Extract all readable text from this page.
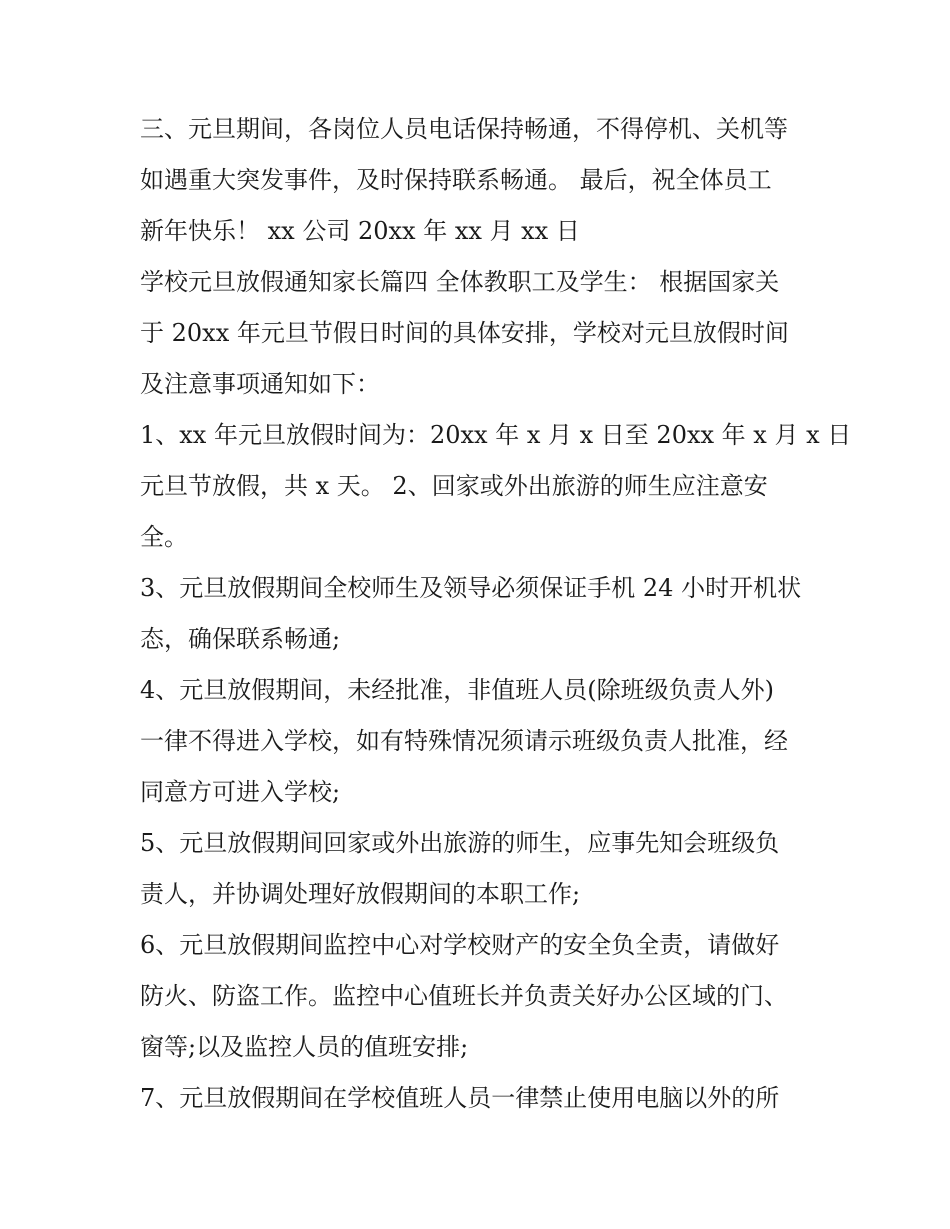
三、元旦期间，各岗位人员电话保持畅通，不得停机、关机等
如遇重大突发事件，及时保持联系畅通。 最后，祝全体员工
新年快乐！ xx 公司 20xx 年 xx 月 xx 日
学校元旦放假通知家长篇四 全体教职工及学生： 根据国家关
于 20xx 年元旦节假日时间的具体安排，学校对元旦放假时间
及注意事项通知如下：
1、xx 年元旦放假时间为：20xx 年 x 月 x 日至 20xx 年 x 月 x 日
元旦节放假，共 x 天。 2、回家或外出旅游的师生应注意安
全。
3、元旦放假期间全校师生及领导必须保证手机 24 小时开机状
态，确保联系畅通;
4、元旦放假期间，未经批准，非值班人员(除班级负责人外)
一律不得进入学校，如有特殊情况须请示班级负责人批准，经
同意方可进入学校;
5、元旦放假期间回家或外出旅游的师生，应事先知会班级负
责人，并协调处理好放假期间的本职工作;
6、元旦放假期间监控中心对学校财产的安全负全责，请做好
防火、防盗工作。监控中心值班长并负责关好办公区域的门、
窗等;以及监控人员的值班安排;
7、元旦放假期间在学校值班人员一律禁止使用电脑以外的所
